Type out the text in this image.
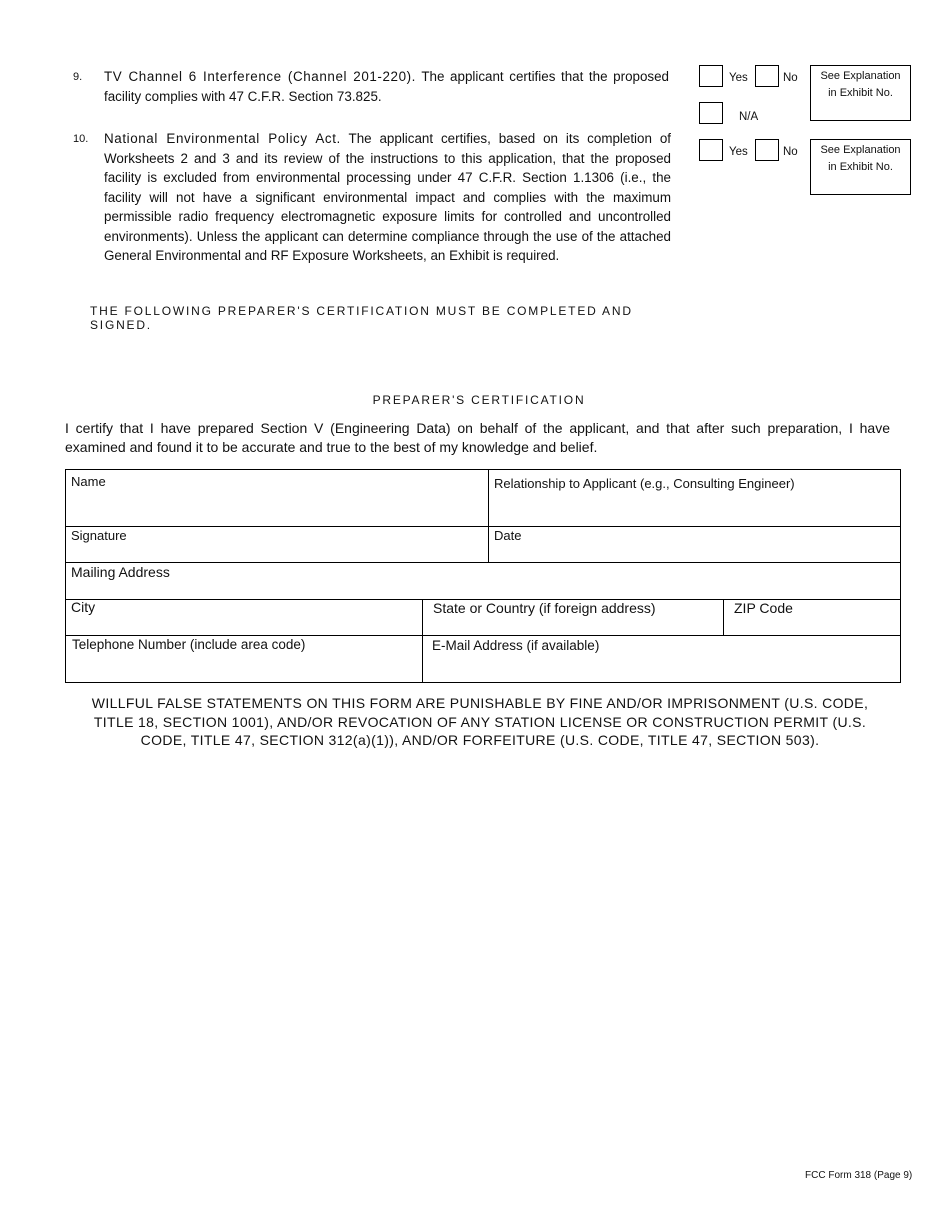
9. TV Channel 6 Interference (Channel 201-220). The applicant certifies that the proposed facility complies with 47 C.F.R. Section 73.825.
Yes	No
N/A
See Explanation
in Exhibit No.
10. National Environmental Policy Act. The applicant certifies, based on its completion of Worksheets 2 and 3 and its review of the instructions to this application, that the proposed facility is excluded from environmental processing under 47 C.F.R. Section 1.1306 (i.e., the facility will not have a significant environmental impact and complies with the maximum permissible radio frequency electromagnetic exposure limits for controlled and uncontrolled environments). Unless the applicant can determine compliance through the use of the attached General Environmental and RF Exposure Worksheets, an Exhibit is required.
Yes	No	See Explanation
in Exhibit No.
THE FOLLOWING PREPARER'S CERTIFICATION MUST BE COMPLETED AND SIGNED.
PREPARER'S CERTIFICATION
I certify that I have prepared Section V (Engineering Data) on behalf of the applicant, and that after such preparation, I have examined and found it to be accurate and true to the best of my knowledge and belief.
Name	Relationship to Applicant (e.g., Consulting Engineer)
Signature	Date
Mailing Address
City	State or Country (if foreign address)	ZIP Code
Telephone Number (include area code)	E-Mail Address (if available)
WILLFUL FALSE STATEMENTS ON THIS FORM ARE PUNISHABLE BY FINE AND/OR IMPRISONMENT (U.S. CODE,
TITLE 18, SECTION 1001), AND/OR REVOCATION OF ANY STATION LICENSE OR CONSTRUCTION PERMIT (U.S.
CODE, TITLE 47, SECTION 312(a)(1)), AND/OR FORFEITURE (U.S. CODE, TITLE 47, SECTION 503).
FCC Form 318 (Page 9)
